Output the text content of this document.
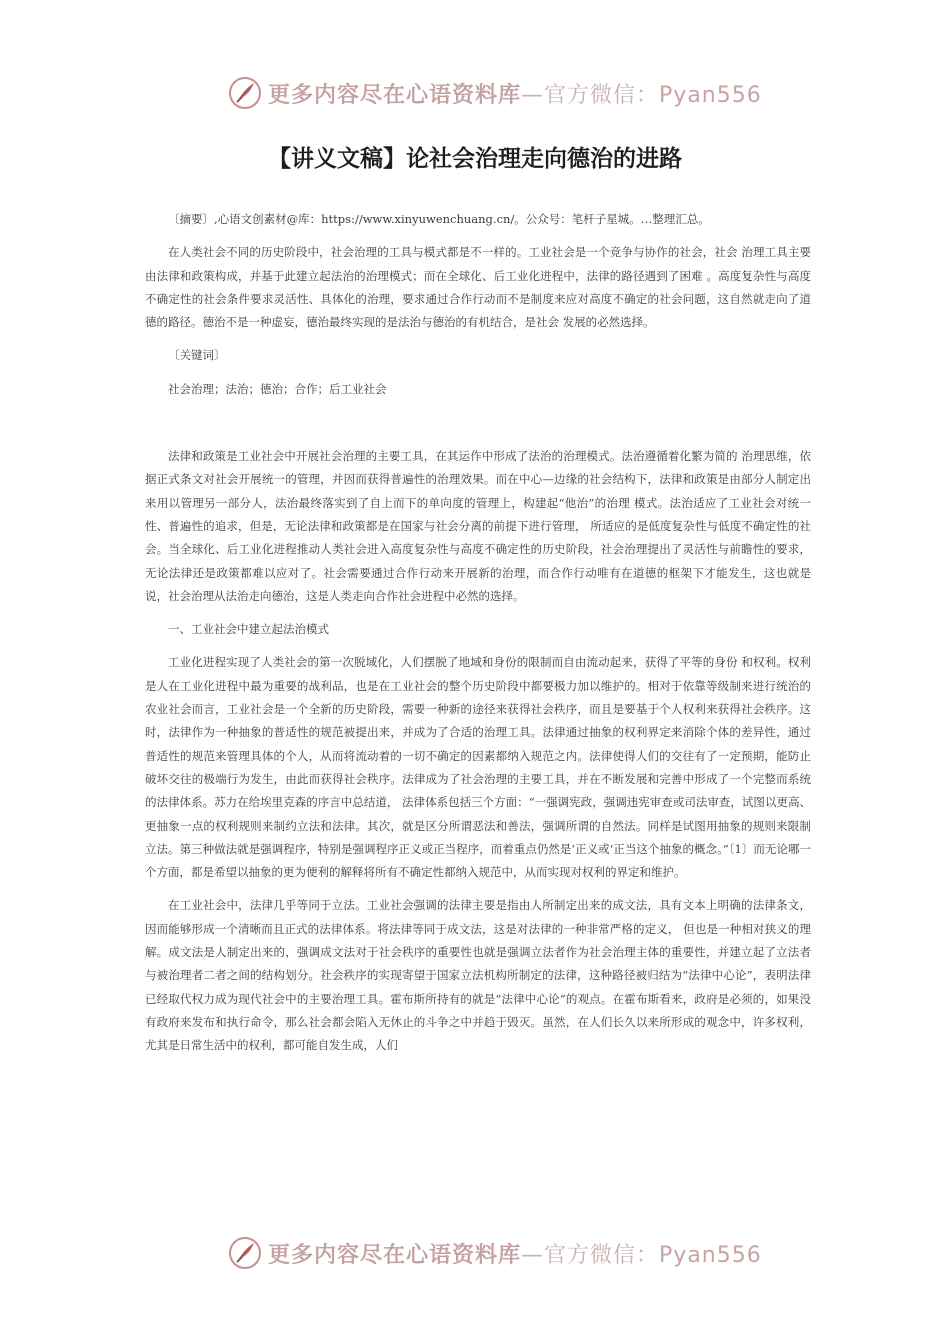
更多内容尽在心语资料库—官方微信：Pyan556
【讲义文稿】论社会治理走向德治的进路

〔摘要〕,心语文创素材@库：https://www.xinyuwenchuang.cn/。公众号：笔杆子星城。…整理汇总。

在人类社会不同的历史阶段中，社会治理的工具与模式都是不一样的。工业社会是一个竞争与协作的社会，社会 治理工具主要由法律和政策构成，并基于此建立起法治的治理模式；而在全球化、后工业化进程中，法律的路径遇到了困难 。高度复杂性与高度不确定性的社会条件要求灵活性、具体化的治理，要求通过合作行动而不是制度来应对高度不确定的社会问题，这自然就走向了道德的路径。德治不是一种虚妄，德治最终实现的是法治与德治的有机结合，是社会 发展的必然选择。

〔关键词〕

社会治理；法治；德治；合作；后工业社会

法律和政策是工业社会中开展社会治理的主要工具，在其运作中形成了法治的治理模式。法治遵循着化繁为简的 治理思维，依据正式条文对社会开展统一的管理，并因而获得普遍性的治理效果。而在中心—边缘的社会结构下，法律和政策是由部分人制定出来用以管理另一部分人，法治最终落实到了自上而下的单向度的管理上，构建起“他治”的治理 模式。法治适应了工业社会对统一性、普遍性的追求，但是，无论法律和政策都是在国家与社会分离的前提下进行管理， 所适应的是低度复杂性与低度不确定性的社会。当全球化、后工业化进程推动人类社会进入高度复杂性与高度不确定性的历史阶段，社会治理提出了灵活性与前瞻性的要求，无论法律还是政策都难以应对了。社会需要通过合作行动来开展新的治理，而合作行动唯有在道德的框架下才能发生，这也就是说，社会治理从法治走向德治，这是人类走向合作社会进程中必然的选择。

一、工业社会中建立起法治模式

工业化进程实现了人类社会的第一次脱域化，人们摆脱了地域和身份的限制而自由流动起来，获得了平等的身份 和权利。权利是人在工业化进程中最为重要的战利品，也是在工业社会的整个历史阶段中都要极力加以维护的。相对于依靠等级制来进行统治的农业社会而言，工业社会是一个全新的历史阶段，需要一种新的途径来获得社会秩序，而且是要基于个人权利来获得社会秩序。这时，法律作为一种抽象的普适性的规范被提出来，并成为了合适的治理工具。法律通过抽象的权利界定来消除个体的差异性，通过普适性的规范来管理具体的个人，从而将流动着的一切不确定的因素都纳入规范之内。法律使得人们的交往有了一定预期，能防止破坏交往的极端行为发生，由此而获得社会秩序。法律成为了社会治理的主要工具，并在不断发展和完善中形成了一个完整而系统的法律体系。苏力在给埃里克森的序言中总结道， 法律体系包括三个方面：“一强调宪政，强调违宪审查或司法审查，试图以更高、更抽象一点的权利规则来制约立法和法律。其次，就是区分所谓恶法和善法，强调所谓的自然法。同样是试图用抽象的规则来限制立法。第三种做法就是强调程序，特别是强调程序正义或正当程序，而着重点仍然是‘正义或‘正当这个抽象的概念。”〔1〕而无论哪一个方面，都是希望以抽象的更为便利的解释将所有不确定性都纳入规范中，从而实现对权利的界定和维护。

在工业社会中，法律几乎等同于立法。工业社会强调的法律主要是指由人所制定出来的成文法，具有文本上明确的法律条文，因而能够形成一个清晰而且正式的法律体系。将法律等同于成文法，这是对法律的一种非常严格的定义， 但也是一种相对狭义的理解。成文法是人制定出来的，强调成文法对于社会秩序的重要性也就是强调立法者作为社会治理主体的重要性，并建立起了立法者与被治理者二者之间的结构划分。社会秩序的实现寄望于国家立法机构所制定的法律，这种路径被归结为“法律中心论”，表明法律已经取代权力成为现代社会中的主要治理工具。霍布斯所持有的就是“法律中心论”的观点。在霍布斯看来，政府是必须的，如果没有政府来发布和执行命令，那么社会都会陷入无休止的斗争之中并趋于毁灭。虽然，在人们长久以来所形成的观念中，许多权利，尤其是日常生活中的权利，都可能自发生成，人们

更多内容尽在心语资料库—官方微信：Pyan556
